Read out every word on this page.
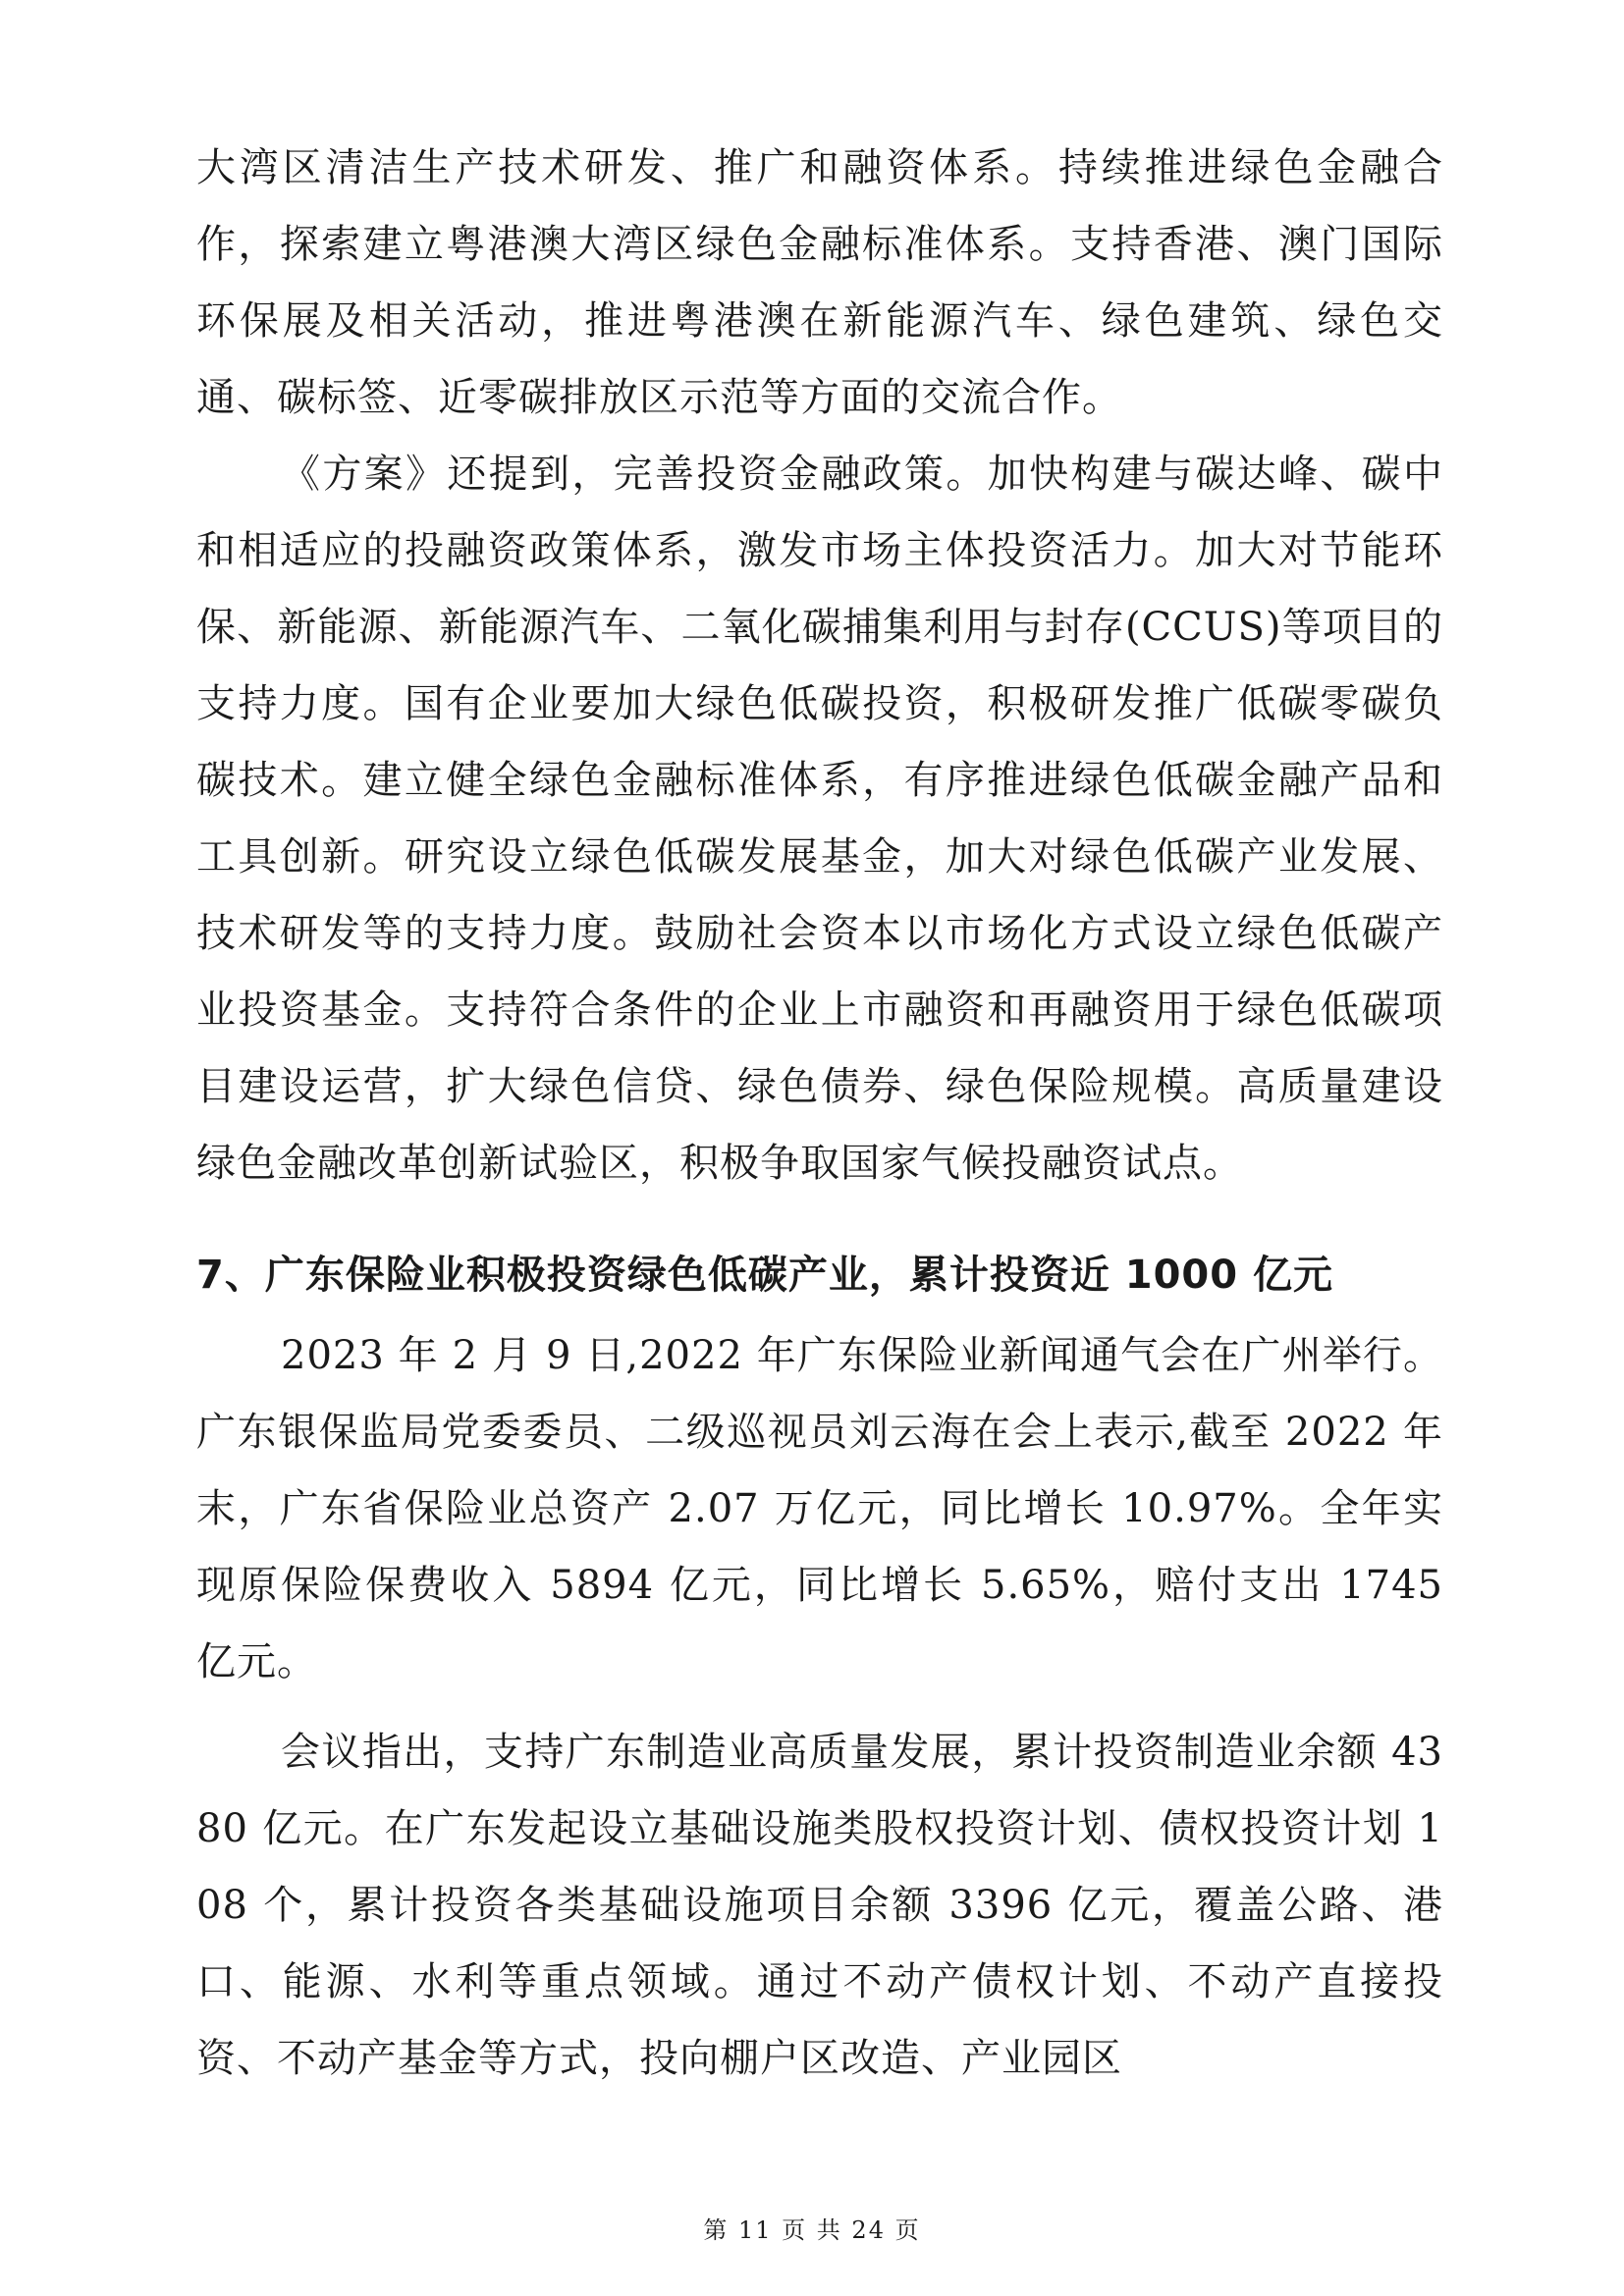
大湾区清洁生产技术研发、推广和融资体系。持续推进绿色金融合作，探索建立粤港澳大湾区绿色金融标准体系。支持香港、澳门国际环保展及相关活动，推进粤港澳在新能源汽车、绿色建筑、绿色交通、碳标签、近零碳排放区示范等方面的交流合作。

《方案》还提到，完善投资金融政策。加快构建与碳达峰、碳中和相适应的投融资政策体系，激发市场主体投资活力。加大对节能环保、新能源、新能源汽车、二氧化碳捕集利用与封存(CCUS)等项目的支持力度。国有企业要加大绿色低碳投资，积极研发推广低碳零碳负碳技术。建立健全绿色金融标准体系，有序推进绿色低碳金融产品和工具创新。研究设立绿色低碳发展基金，加大对绿色低碳产业发展、技术研发等的支持力度。鼓励社会资本以市场化方式设立绿色低碳产业投资基金。支持符合条件的企业上市融资和再融资用于绿色低碳项目建设运营，扩大绿色信贷、绿色债券、绿色保险规模。高质量建设绿色金融改革创新试验区，积极争取国家气候投融资试点。

7、广东保险业积极投资绿色低碳产业，累计投资近 1000 亿元

2023 年 2 月 9 日,2022 年广东保险业新闻通气会在广州举行。广东银保监局党委委员、二级巡视员刘云海在会上表示,截至 2022 年末，广东省保险业总资产 2.07 万亿元，同比增长 10.97%。全年实现原保险保费收入 5894 亿元，同比增长 5.65%，赔付支出 1745 亿元。

会议指出，支持广东制造业高质量发展，累计投资制造业余额 4380 亿元。在广东发起设立基础设施类股权投资计划、债权投资计划 108 个，累计投资各类基础设施项目余额 3396 亿元，覆盖公路、港口、能源、水利等重点领域。通过不动产债权计划、不动产直接投资、不动产基金等方式，投向棚户区改造、产业园区

第 11 页 共 24 页
